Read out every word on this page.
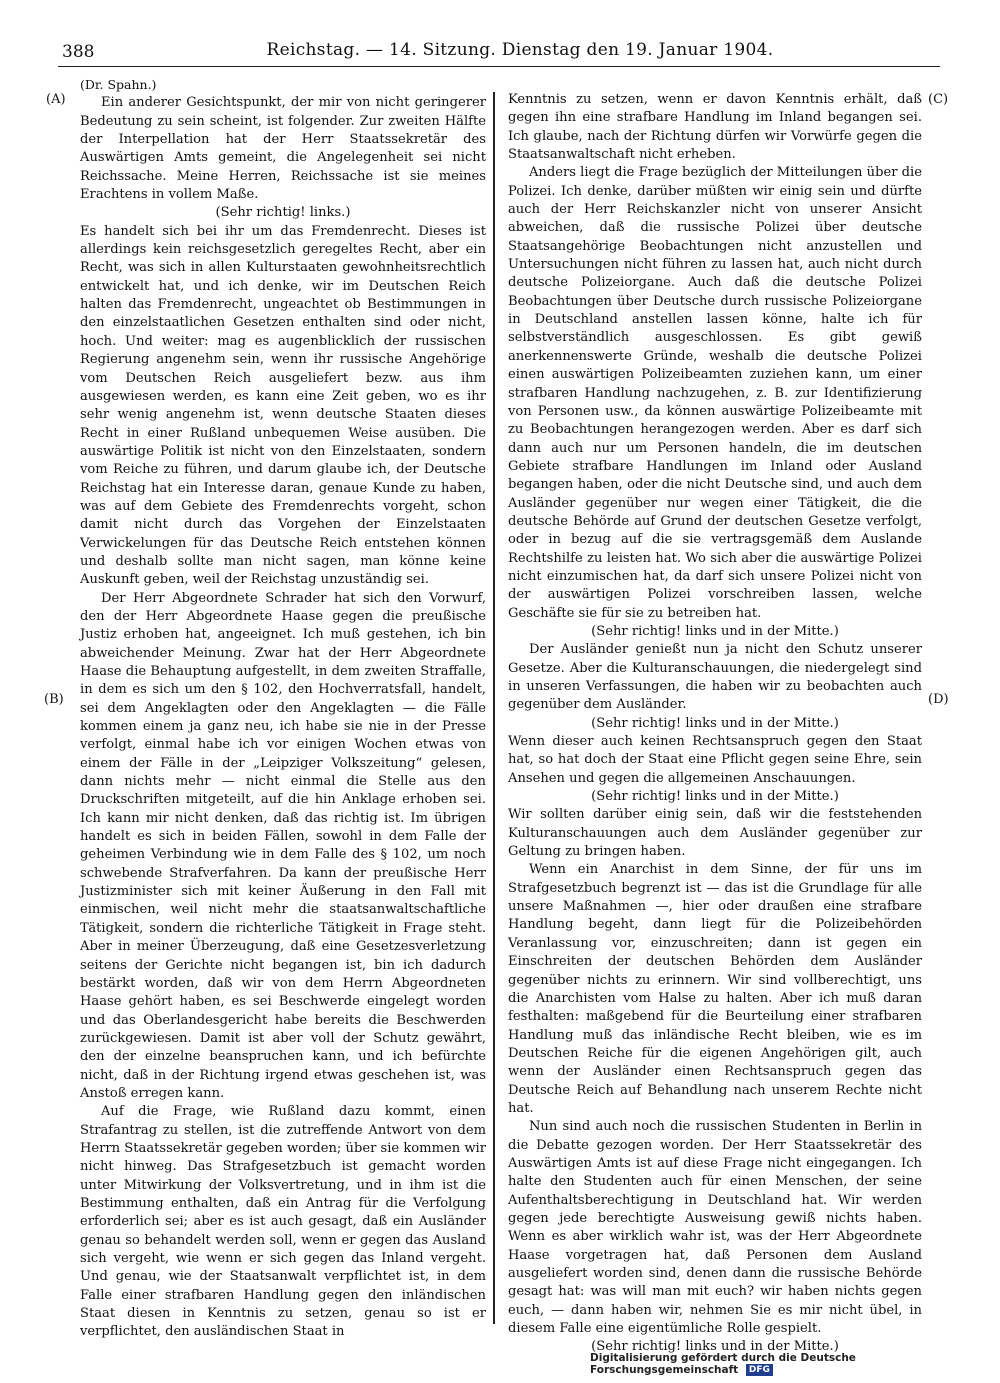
388	Reichstag. — 14. Sitzung. Dienstag den 19. Januar 1904.
(A)
(B)
(C)
(D)

(Dr. Spahn.)

Ein anderer Gesichtspunkt, der mir von nicht geringerer Bedeutung zu sein scheint, ist folgender. Zur zweiten Hälfte der Interpellation hat der Herr Staatssekretär des Auswärtigen Amts gemeint, die Angelegenheit sei nicht Reichssache. Meine Herren, Reichssache ist sie meines Erachtens in vollem Maße.

(Sehr richtig! links.)

Es handelt sich bei ihr um das Fremdenrecht. Dieses ist allerdings kein reichsgesetzlich geregeltes Recht, aber ein Recht, was sich in allen Kulturstaaten gewohnheitsrechtlich entwickelt hat, und ich denke, wir im Deutschen Reich halten das Fremdenrecht, ungeachtet ob Bestimmungen in den einzelstaatlichen Gesetzen enthalten sind oder nicht, hoch. Und weiter: mag es augenblicklich der russischen Regierung angenehm sein, wenn ihr russische Angehörige vom Deutschen Reich ausgeliefert bezw. aus ihm ausgewiesen werden, es kann eine Zeit geben, wo es ihr sehr wenig angenehm ist, wenn deutsche Staaten dieses Recht in einer Rußland unbequemen Weise ausüben. Die auswärtige Politik ist nicht von den Einzelstaaten, sondern vom Reiche zu führen, und darum glaube ich, der Deutsche Reichstag hat ein Interesse daran, genaue Kunde zu haben, was auf dem Gebiete des Fremdenrechts vorgeht, schon damit nicht durch das Vorgehen der Einzelstaaten Verwickelungen für das Deutsche Reich entstehen können und deshalb sollte man nicht sagen, man könne keine Auskunft geben, weil der Reichstag unzuständig sei.

Der Herr Abgeordnete Schrader hat sich den Vorwurf, den der Herr Abgeordnete Haase gegen die preußische Justiz erhoben hat, angeeignet. Ich muß gestehen, ich bin abweichender Meinung. Zwar hat der Herr Abgeordnete Haase die Behauptung aufgestellt, in dem zweiten Straffalle, in dem es sich um den § 102, den Hochverratsfall, handelt, sei dem Angeklagten oder den Angeklagten — die Fälle kommen einem ja ganz neu, ich habe sie nie in der Presse verfolgt, einmal habe ich vor einigen Wochen etwas von einem der Fälle in der „Leipziger Volkszeitung“ gelesen, dann nichts mehr — nicht einmal die Stelle aus den Druckschriften mitgeteilt, auf die hin Anklage erhoben sei. Ich kann mir nicht denken, daß das richtig ist. Im übrigen handelt es sich in beiden Fällen, sowohl in dem Falle der geheimen Verbindung wie in dem Falle des § 102, um noch schwebende Strafverfahren. Da kann der preußische Herr Justizminister sich mit keiner Äußerung in den Fall mit einmischen, weil nicht mehr die staatsanwaltschaftliche Tätigkeit, sondern die richterliche Tätigkeit in Frage steht. Aber in meiner Überzeugung, daß eine Gesetzesverletzung seitens der Gerichte nicht begangen ist, bin ich dadurch bestärkt worden, daß wir von dem Herrn Abgeordneten Haase gehört haben, es sei Beschwerde eingelegt worden und das Oberlandesgericht habe bereits die Beschwerden zurückgewiesen. Damit ist aber voll der Schutz gewährt, den der einzelne beanspruchen kann, und ich befürchte nicht, daß in der Richtung irgend etwas geschehen ist, was Anstoß erregen kann.

Auf die Frage, wie Rußland dazu kommt, einen Strafantrag zu stellen, ist die zutreffende Antwort von dem Herrn Staatssekretär gegeben worden; über sie kommen wir nicht hinweg. Das Strafgesetzbuch ist gemacht worden unter Mitwirkung der Volksvertretung, und in ihm ist die Bestimmung enthalten, daß ein Antrag für die Verfolgung erforderlich sei; aber es ist auch gesagt, daß ein Ausländer genau so behandelt werden soll, wenn er gegen das Ausland sich vergeht, wie wenn er sich gegen das Inland vergeht. Und genau, wie der Staatsanwalt verpflichtet ist, in dem Falle einer strafbaren Handlung gegen den inländischen Staat diesen in Kenntnis zu setzen, genau so ist er verpflichtet, den ausländischen Staat in

Kenntnis zu setzen, wenn er davon Kenntnis erhält, daß gegen ihn eine strafbare Handlung im Inland begangen sei. Ich glaube, nach der Richtung dürfen wir Vorwürfe gegen die Staatsanwaltschaft nicht erheben.

Anders liegt die Frage bezüglich der Mitteilungen über die Polizei. Ich denke, darüber müßten wir einig sein und dürfte auch der Herr Reichskanzler nicht von unserer Ansicht abweichen, daß die russische Polizei über deutsche Staatsangehörige Beobachtungen nicht anzustellen und Untersuchungen nicht führen zu lassen hat, auch nicht durch deutsche Polizeiorgane. Auch daß die deutsche Polizei Beobachtungen über Deutsche durch russische Polizeiorgane in Deutschland anstellen lassen könne, halte ich für selbstverständlich ausgeschlossen. Es gibt gewiß anerkennenswerte Gründe, weshalb die deutsche Polizei einen auswärtigen Polizeibeamten zuziehen kann, um einer strafbaren Handlung nachzugehen, z. B. zur Identifizierung von Personen usw., da können auswärtige Polizeibeamte mit zu Beobachtungen herangezogen werden. Aber es darf sich dann auch nur um Personen handeln, die im deutschen Gebiete strafbare Handlungen im Inland oder Ausland begangen haben, oder die nicht Deutsche sind, und auch dem Ausländer gegenüber nur wegen einer Tätigkeit, die die deutsche Behörde auf Grund der deutschen Gesetze verfolgt, oder in bezug auf die sie vertragsgemäß dem Auslande Rechtshilfe zu leisten hat. Wo sich aber die auswärtige Polizei nicht einzumischen hat, da darf sich unsere Polizei nicht von der auswärtigen Polizei vorschreiben lassen, welche Geschäfte sie für sie zu betreiben hat.

(Sehr richtig! links und in der Mitte.)

Der Ausländer genießt nun ja nicht den Schutz unserer Gesetze. Aber die Kulturanschauungen, die niedergelegt sind in unseren Verfassungen, die haben wir zu beobachten auch gegenüber dem Ausländer.

(Sehr richtig! links und in der Mitte.)

Wenn dieser auch keinen Rechtsanspruch gegen den Staat hat, so hat doch der Staat eine Pflicht gegen seine Ehre, sein Ansehen und gegen die allgemeinen Anschauungen.

(Sehr richtig! links und in der Mitte.)

Wir sollten darüber einig sein, daß wir die feststehenden Kulturanschauungen auch dem Ausländer gegenüber zur Geltung zu bringen haben.

Wenn ein Anarchist in dem Sinne, der für uns im Strafgesetzbuch begrenzt ist — das ist die Grundlage für alle unsere Maßnahmen —, hier oder draußen eine strafbare Handlung begeht, dann liegt für die Polizeibehörden Veranlassung vor, einzuschreiten; dann ist gegen ein Einschreiten der deutschen Behörden dem Ausländer gegenüber nichts zu erinnern. Wir sind vollberechtigt, uns die Anarchisten vom Halse zu halten. Aber ich muß daran festhalten: maßgebend für die Beurteilung einer strafbaren Handlung muß das inländische Recht bleiben, wie es im Deutschen Reiche für die eigenen Angehörigen gilt, auch wenn der Ausländer einen Rechtsanspruch gegen das Deutsche Reich auf Behandlung nach unserem Rechte nicht hat.

Nun sind auch noch die russischen Studenten in Berlin in die Debatte gezogen worden. Der Herr Staatssekretär des Auswärtigen Amts ist auf diese Frage nicht eingegangen. Ich halte den Studenten auch für einen Menschen, der seine Aufenthaltsberechtigung in Deutschland hat. Wir werden gegen jede berechtigte Ausweisung gewiß nichts haben. Wenn es aber wirklich wahr ist, was der Herr Abgeordnete Haase vorgetragen hat, daß Personen dem Ausland ausgeliefert worden sind, denen dann die russische Behörde gesagt hat: was will man mit euch? wir haben nichts gegen euch, — dann haben wir, nehmen Sie es mir nicht übel, in diesem Falle eine eigentümliche Rolle gespielt.

(Sehr richtig! links und in der Mitte.)

Digitalisierung gefördert durch die Deutsche Forschungsgemeinschaft DFG
